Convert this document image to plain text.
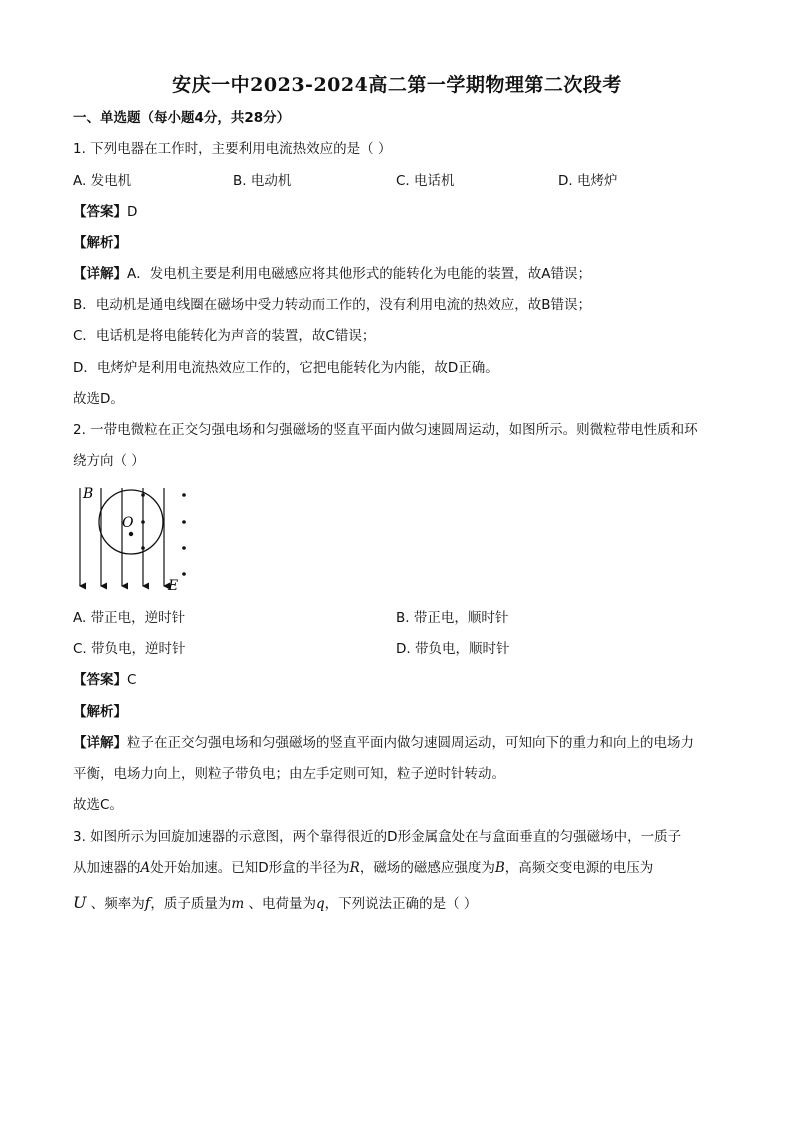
安庆一中2023-2024高二第一学期物理第二次段考
一、单选题（每小题4分，共28分）
1. 下列电器在工作时，主要利用电流热效应的是（ ）
A. 发电机	B. 电动机	C. 电话机	D. 电烤炉
【答案】D
【解析】
【详解】A．发电机主要是利用电磁感应将其他形式的能转化为电能的装置，故A错误；
B．电动机是通电线圈在磁场中受力转动而工作的，没有利用电流的热效应，故B错误；
C．电话机是将电能转化为声音的装置，故C错误；
D．电烤炉是利用电流热效应工作的，它把电能转化为内能，故D正确。
故选D。
2. 一带电微粒在正交匀强电场和匀强磁场的竖直平面内做匀速圆周运动，如图所示。则微粒带电性质和环
绕方向（ ）
B
O
E
A. 带正电，逆时针	B. 带正电，顺时针
C. 带负电，逆时针	D. 带负电，顺时针
【答案】C
【解析】
【详解】粒子在正交匀强电场和匀强磁场的竖直平面内做匀速圆周运动，可知向下的重力和向上的电场力
平衡，电场力向上，则粒子带负电；由左手定则可知，粒子逆时针转动。
故选C。
3. 如图所示为回旋加速器的示意图，两个靠得很近的D形金属盒处在与盒面垂直的匀强磁场中，一质子
从加速器的A处开始加速。已知D形盒的半径为R，磁场的磁感应强度为B，高频交变电源的电压为
U 、频率为f，质子质量为m 、电荷量为q，下列说法正确的是（ ）
